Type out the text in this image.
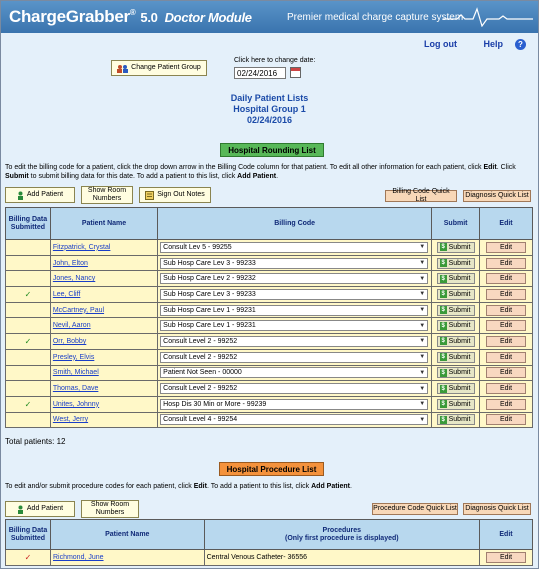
ChargeGrabber® 5.0 Doctor Module	Premier medical charge capture system
Log out	Help ?
Change Patient Group
Click here to change date:
02/24/2016
Daily Patient Lists
Hospital Group 1
02/24/2016
Hospital Rounding List
To edit the billing code for a patient, click the drop down arrow in the Billing Code column for that patient. To edit all other information for each patient, click Edit. Click Submit to submit billing data for this date. To add a patient to this list, click Add Patient.
Add Patient
Show Room Numbers
Sign Out Notes	Billing Code Quick List
Diagnosis Quick List
Billing Data Submitted	Patient Name	Billing Code	Submit	Edit
	Fitzpatrick, Crystal	Consult Lev 5 - 99255 ▼	$ Submit	Edit
	John, Elton	Sub Hosp Care Lev 3 - 99233 ▼	$ Submit	Edit
	Jones, Nancy	Sub Hosp Care Lev 2 - 99232 ▼	$ Submit	Edit
✓	Lee, Cliff	Sub Hosp Care Lev 3 - 99233 ▼	$ Submit	Edit
	McCartney, Paul	Sub Hosp Care Lev 1 - 99231 ▼	$ Submit	Edit
	Nevil, Aaron	Sub Hosp Care Lev 1 - 99231 ▼	$ Submit	Edit
✓	Orr, Bobby	Consult Level 2 - 99252 ▼	$ Submit	Edit
	Presley, Elvis	Consult Level 2 - 99252 ▼	$ Submit	Edit
	Smith, Michael	Patient Not Seen - 00000 ▼	$ Submit	Edit
	Thomas, Dave	Consult Level 2 - 99252 ▼	$ Submit	Edit
✓	Unites, Johnny	Hosp Dis 30 Min or More - 99239 ▼	$ Submit	Edit
	West, Jerry	Consult Level 4 - 99254 ▼	$ Submit	Edit
Total patients: 12
Hospital Procedure List
To edit and/or submit procedure codes for each patient, click Edit. To add a patient to this list, click Add Patient.
Add Patient
Show Room Numbers
Procedure Code Quick List	Diagnosis Quick List
Billing Data Submitted	Patient Name	Procedures
(Only first procedure is displayed)	Edit
✓	Richmond, June	Central Venous Catheter- 36556	Edit
